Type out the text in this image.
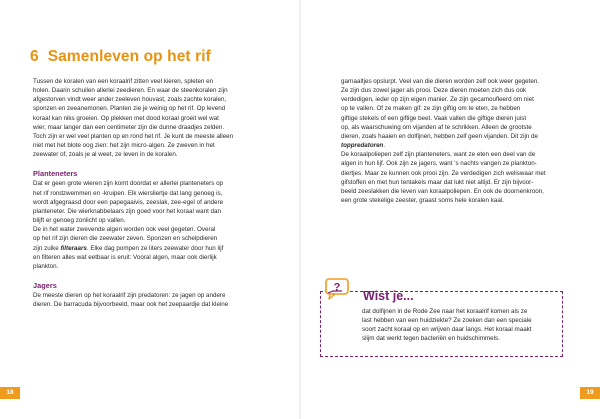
6 Samenleven op het rif

Tussen de koralen van een koraalrif zitten veel kieren, spleten en

holen. Daarin schuilen allerlei zeedieren. En waar de steenkoralen zijn

afgestorven vindt weer ander zeeleven houvast, zoals zachte koralen,

sponzen en zeeanemonen. Planten zie je weinig op het rif. Op levend

koraal kan niks groeien. Op plekken met dood koraal groeit wel wat

wier, maar langer dan een centimeter zijn die dunne draadjes zelden.

Toch zijn er wel veel planten op en rond het rif. Je kunt de meeste alleen

niet met het blote oog zien: het zijn micro-algen. Ze zweven in het

zeewater of, zoals je al weet, ze leven in de koralen.

Planteneters

Dat er geen grote wieren zijn komt doordat er allerlei planteneters op

het rif rondzwemmen en -kruipen. Elk wiersliertje dat lang genoeg is,

wordt afgegraasd door een papegaaivis, zeeslak, zee-egel of andere

planteneter. Die wierknabbelaars zijn goed voor het koraal want dan

blijft er genoeg zonlicht op vallen.

De in het water zwevende algen worden ook veel gegeten. Overal

op het rif zijn dieren die zeewater zeven. Sponzen en schelpdieren

zijn zulke filteraars. Elke dag pompen ze liters zeewater door hun lijf

en filteren alles wat eetbaar is eruit: Vooral algen, maar ook dierlijk

plankton.

Jagers

De meeste dieren op het koraalrif zijn predatoren: ze jagen op andere

dieren. De barracuda bijvoorbeeld, maar ook het zeepaardje dat kleine

garnaaltjes opslurpt. Veel van die dieren worden zelf ook weer gegeten.

Ze zijn dus zowel jager als prooi. Deze dieren moeten zich dus ook

verdedigen, ieder op zijn eigen manier. Ze zijn gecamoufleerd om niet

op te vallen. Of ze maken gif: ze zijn giftig om te eten, ze hebben

giftige stekels of een giftige beet. Vaak vallen die giftige dieren juist

op, als waarschuwing om vijanden af te schrikken. Alleen de grootste

dieren, zoals haaien en dolfijnen, hebben zelf geen vijanden. Dit zijn de

toppredatoren.

De koraalpoliepen zelf zijn planteneters, want ze eten een deel van de

algen in hun lijf. Ook zijn ze jagers, want 's nachts vangen ze plankton-

diertjes. Maar ze kunnen ook prooi zijn. Ze verdedigen zich weliswaar met

gifstoffen en met hun tentakels maar dat lukt niet altijd. Er zijn bijvoor-

beeld zeeslakken die leven van koraalpoliepen. En ook de doornenkroon,

een grote stekelige zeester, graast soms hele koralen kaal.

?
Wist je...

dat dolfijnen in de Rode Zee naar het koraalrif komen als ze

last hebben van een huidziekte? Ze zoeken dan een speciale

soort zacht koraal op en wrijven daar langs. Het koraal maakt

slijm dat werkt tegen bacteriën en huidschimmels.

18	19
